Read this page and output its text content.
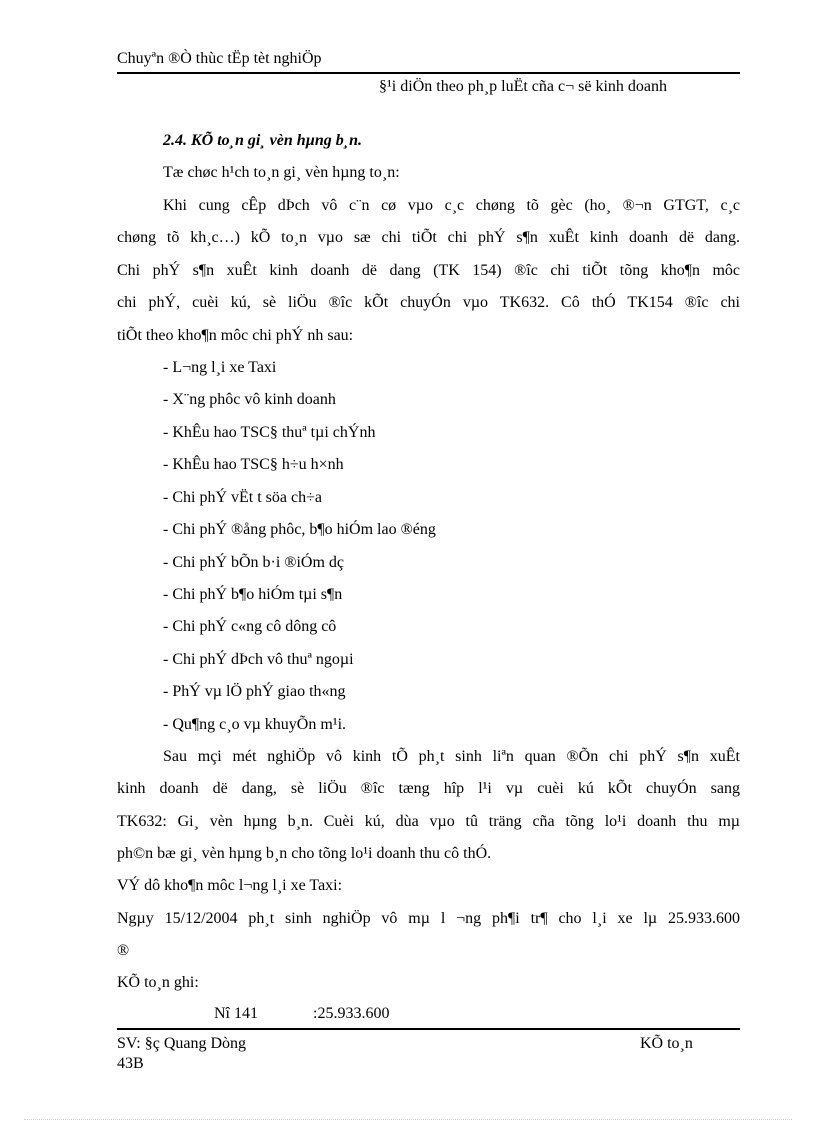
Chuyªn ®Ò thùc tËp tèt nghiÖp
§¹i diÖn theo ph¸p luËt cña c¬ së kinh doanh
2.4. KÕ to¸n gi¸ vèn hµng b¸n.
Tæ chøc h¹ch to¸n gi¸ vèn hµng to¸n:
Khi cung cÊp dÞch vô c¨n cø vµo c¸c chøng tõ gèc (ho¸ ®¬n GTGT, c¸c
chøng tõ kh¸c…) kÕ to¸n vµo sæ chi tiÕt chi phÝ s¶n xuÊt kinh doanh dë dang.
Chi phÝ s¶n xuÊt kinh doanh dë dang (TK 154) ®îc chi tiÕt tõng kho¶n môc
chi phÝ, cuèi kú, sè liÖu ®îc kÕt chuyÓn vµo TK632. Cô thÓ TK154 ®îc chi
tiÕt theo kho¶n môc chi phÝ nh sau:
- L¬ng l¸i xe Taxi
- X¨ng phôc vô kinh doanh
- KhÊu hao TSC§ thuª tµi chÝnh
- KhÊu hao TSC§ h÷u h×nh
- Chi phÝ vËt t söa ch÷a
- Chi phÝ ®ång phôc, b¶o hiÓm lao ®éng
- Chi phÝ bÕn b·i ®iÓm dç
- Chi phÝ b¶o hiÓm tµi s¶n
- Chi phÝ c«ng cô dông cô
- Chi phÝ dÞch vô thuª ngoµi
- PhÝ vµ lÖ phÝ giao th«ng
- Qu¶ng c¸o vµ khuyÕn m¹i.
Sau mçi mét nghiÖp vô kinh tÕ ph¸t sinh liªn quan ®Õn chi phÝ s¶n xuÊt
kinh doanh dë dang, sè liÖu ®îc tæng hîp l¹i vµ cuèi kú kÕt chuyÓn sang
TK632: Gi¸ vèn hµng b¸n. Cuèi kú, dùa vµo tû träng cña tõng lo¹i doanh thu mµ
ph©n bæ gi¸ vèn hµng b¸n cho tõng lo¹i doanh thu cô thÓ.
VÝ dô kho¶n môc l¬ng l¸i xe Taxi:
Ngµy 15/12/2004 ph¸t sinh nghiÖp vô mµ l ¬ng ph¶i tr¶ cho l¸i xe lµ 25.933.600
®
KÕ to¸n ghi:
Nî 141	:25.933.600
SV: §ç Quang Dòng
43B
KÕ to¸n
